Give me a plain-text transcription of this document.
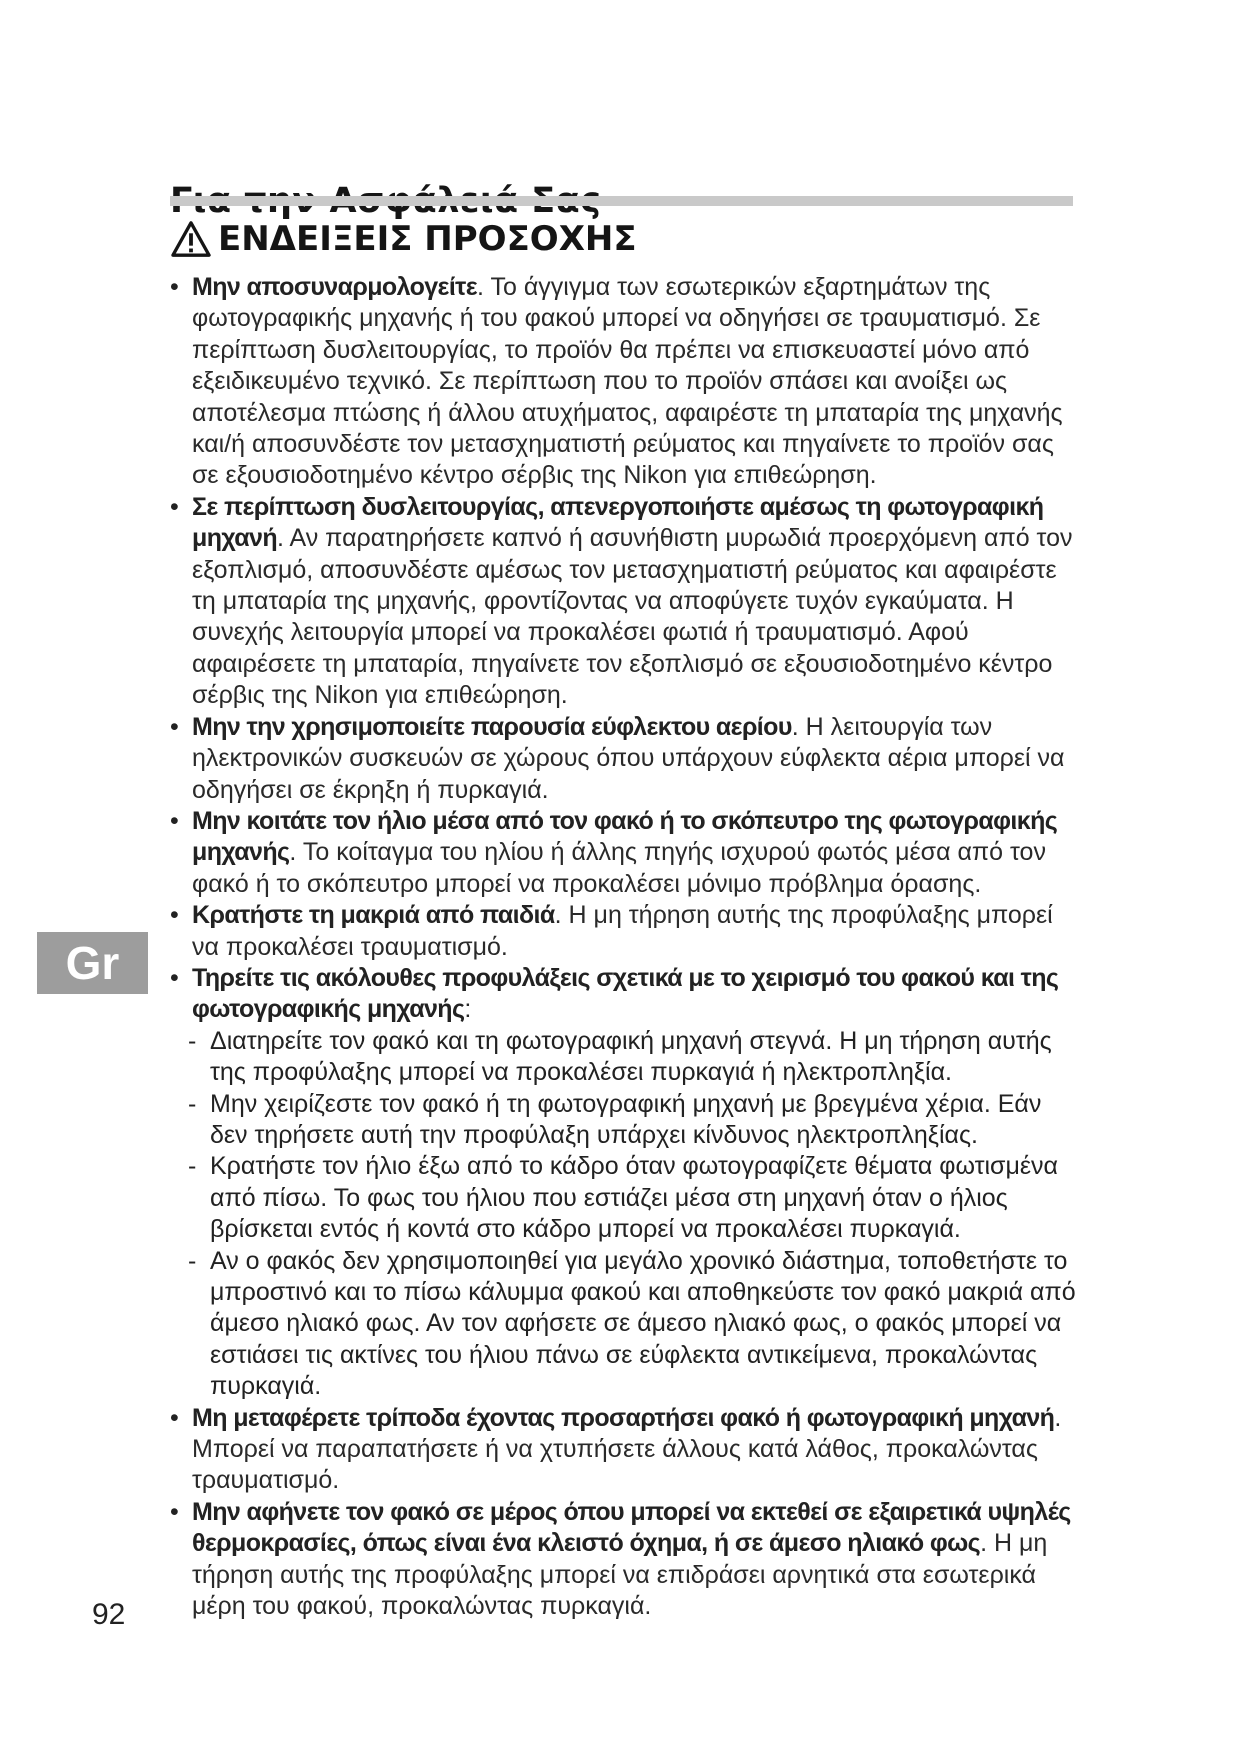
ΕΝΔΕΙΞΕΙΣ ΠΡΟΣΟΧΗΣ

• Μην αποσυναρμολογείτε. Το άγγιγμα των εσωτερικών εξαρτημάτων της φωτογραφικής μηχανής ή του φακού μπορεί να οδηγήσει σε τραυματισμό. Σε περίπτωση δυσλειτουργίας, το προϊόν θα πρέπει να επισκευαστεί μόνο από εξειδικευμένο τεχνικό. Σε περίπτωση που το προϊόν σπάσει και ανοίξει ως αποτέλεσμα πτώσης ή άλλου ατυχήματος, αφαιρέστε τη μπαταρία της μηχανής και/ή αποσυνδέστε τον μετασχηματιστή ρεύματος και πηγαίνετε το προϊόν σας σε εξουσιοδοτημένο κέντρο σέρβις της Nikon για επιθεώρηση.

• Σε περίπτωση δυσλειτουργίας, απενεργοποιήστε αμέσως τη φωτογραφική μηχανή. Αν παρατηρήσετε καπνό ή ασυνήθιστη μυρωδιά προερχόμενη από τον εξοπλισμό, αποσυνδέστε αμέσως τον μετασχηματιστή ρεύματος και αφαιρέστε τη μπαταρία της μηχανής, φροντίζοντας να αποφύγετε τυχόν εγκαύματα. Η συνεχής λειτουργία μπορεί να προκαλέσει φωτιά ή τραυματισμό. Αφού αφαιρέσετε τη μπαταρία, πηγαίνετε τον εξοπλισμό σε εξουσιοδοτημένο κέντρο σέρβις της Nikon για επιθεώρηση.

• Μην την χρησιμοποιείτε παρουσία εύφλεκτου αερίου. Η λειτουργία των ηλεκτρονικών συσκευών σε χώρους όπου υπάρχουν εύφλεκτα αέρια μπορεί να οδηγήσει σε έκρηξη ή πυρκαγιά.

• Μην κοιτάτε τον ήλιο μέσα από τον φακό ή το σκόπευτρο της φωτογραφικής μηχανής. Το κοίταγμα του ηλίου ή άλλης πηγής ισχυρού φωτός μέσα από τον φακό ή το σκόπευτρο μπορεί να προκαλέσει μόνιμο πρόβλημα όρασης.

• Κρατήστε τη μακριά από παιδιά. Η μη τήρηση αυτής της προφύλαξης μπορεί να προκαλέσει τραυματισμό.

• Τηρείτε τις ακόλουθες προφυλάξεις σχετικά με το χειρισμό του φακού και της φωτογραφικής μηχανής:

- Διατηρείτε τον φακό και τη φωτογραφική μηχανή στεγνά. Η μη τήρηση αυτής της προφύλαξης μπορεί να προκαλέσει πυρκαγιά ή ηλεκτροπληξία.

- Μην χειρίζεστε τον φακό ή τη φωτογραφική μηχανή με βρεγμένα χέρια. Εάν δεν τηρήσετε αυτή την προφύλαξη υπάρχει κίνδυνος ηλεκτροπληξίας.

- Κρατήστε τον ήλιο έξω από το κάδρο όταν φωτογραφίζετε θέματα φωτισμένα από πίσω. Το φως του ήλιου που εστιάζει μέσα στη μηχανή όταν ο ήλιος βρίσκεται εντός ή κοντά στο κάδρο μπορεί να προκαλέσει πυρκαγιά.

- Αν ο φακός δεν χρησιμοποιηθεί για μεγάλο χρονικό διάστημα, τοποθετήστε το μπροστινό και το πίσω κάλυμμα φακού και αποθηκεύστε τον φακό μακριά από άμεσο ηλιακό φως. Αν τον αφήσετε σε άμεσο ηλιακό φως, ο φακός μπορεί να εστιάσει τις ακτίνες του ήλιου πάνω σε εύφλεκτα αντικείμενα, προκαλώντας πυρκαγιά.

• Μη μεταφέρετε τρίποδα έχοντας προσαρτήσει φακό ή φωτογραφική μηχανή. Μπορεί να παραπατήσετε ή να χτυπήσετε άλλους κατά λάθος, προκαλώντας τραυματισμό.

• Μην αφήνετε τον φακό σε μέρος όπου μπορεί να εκτεθεί σε εξαιρετικά υψηλές θερμοκρασίες, όπως είναι ένα κλειστό όχημα, ή σε άμεσο ηλιακό φως. Η μη τήρηση αυτής της προφύλαξης μπορεί να επιδράσει αρνητικά στα εσωτερικά μέρη του φακού, προκαλώντας πυρκαγιά.

Gr
92
